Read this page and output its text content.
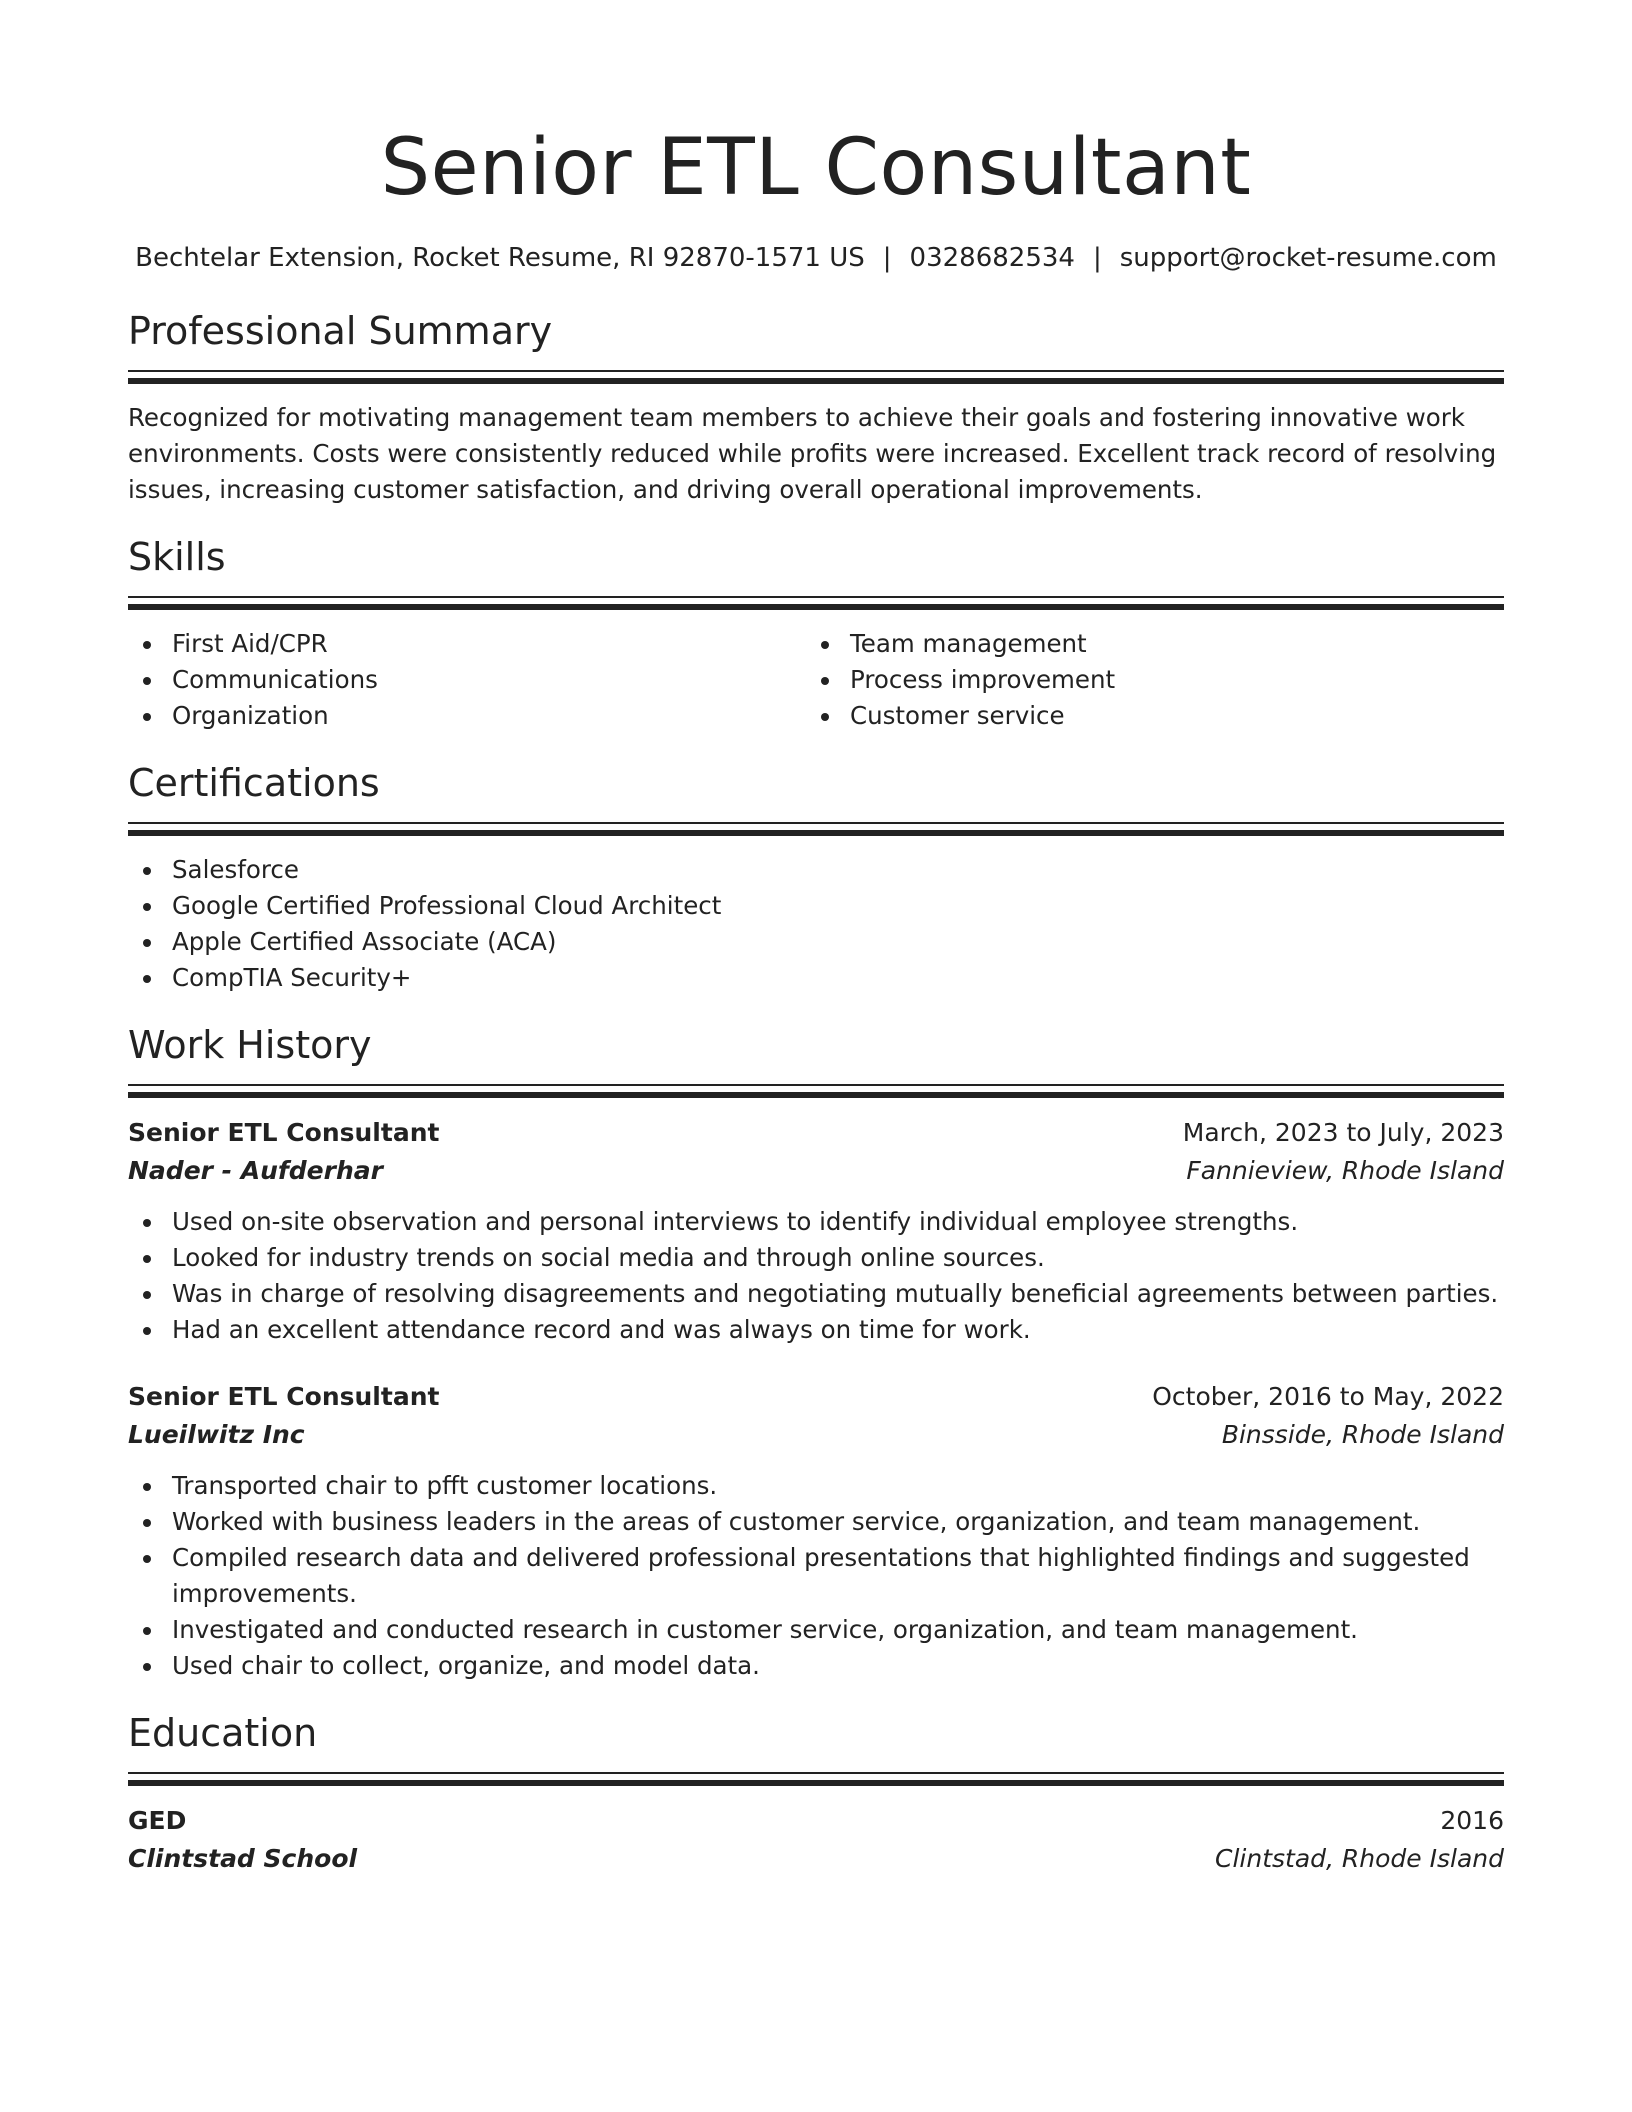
Senior ETL Consultant
Bechtelar Extension, Rocket Resume, RI 92870-1571 US | 0328682534 | support@rocket-resume.com
Professional Summary

Recognized for motivating management team members to achieve their goals and fostering innovative work environments. Costs were consistently reduced while profits were increased. Excellent track record of resolving issues, increasing customer satisfaction, and driving overall operational improvements.

Skills
First Aid/CPR
Communications
Organization
Team management
Process improvement
Customer service
Certifications
Salesforce
Google Certified Professional Cloud Architect
Apple Certified Associate (ACA)
CompTIA Security+
Work History
Senior ETL Consultant	March, 2023 to July, 2023
Nader - Aufderhar	Fannieview, Rhode Island
Used on-site observation and personal interviews to identify individual employee strengths.
Looked for industry trends on social media and through online sources.
Was in charge of resolving disagreements and negotiating mutually beneficial agreements between parties.
Had an excellent attendance record and was always on time for work.
Senior ETL Consultant	October, 2016 to May, 2022
Lueilwitz Inc	Binsside, Rhode Island
Transported chair to pfft customer locations.
Worked with business leaders in the areas of customer service, organization, and team management.
Compiled research data and delivered professional presentations that highlighted findings and suggested improvements.
Investigated and conducted research in customer service, organization, and team management.
Used chair to collect, organize, and model data.
Education
GED	2016
Clintstad School	Clintstad, Rhode Island
